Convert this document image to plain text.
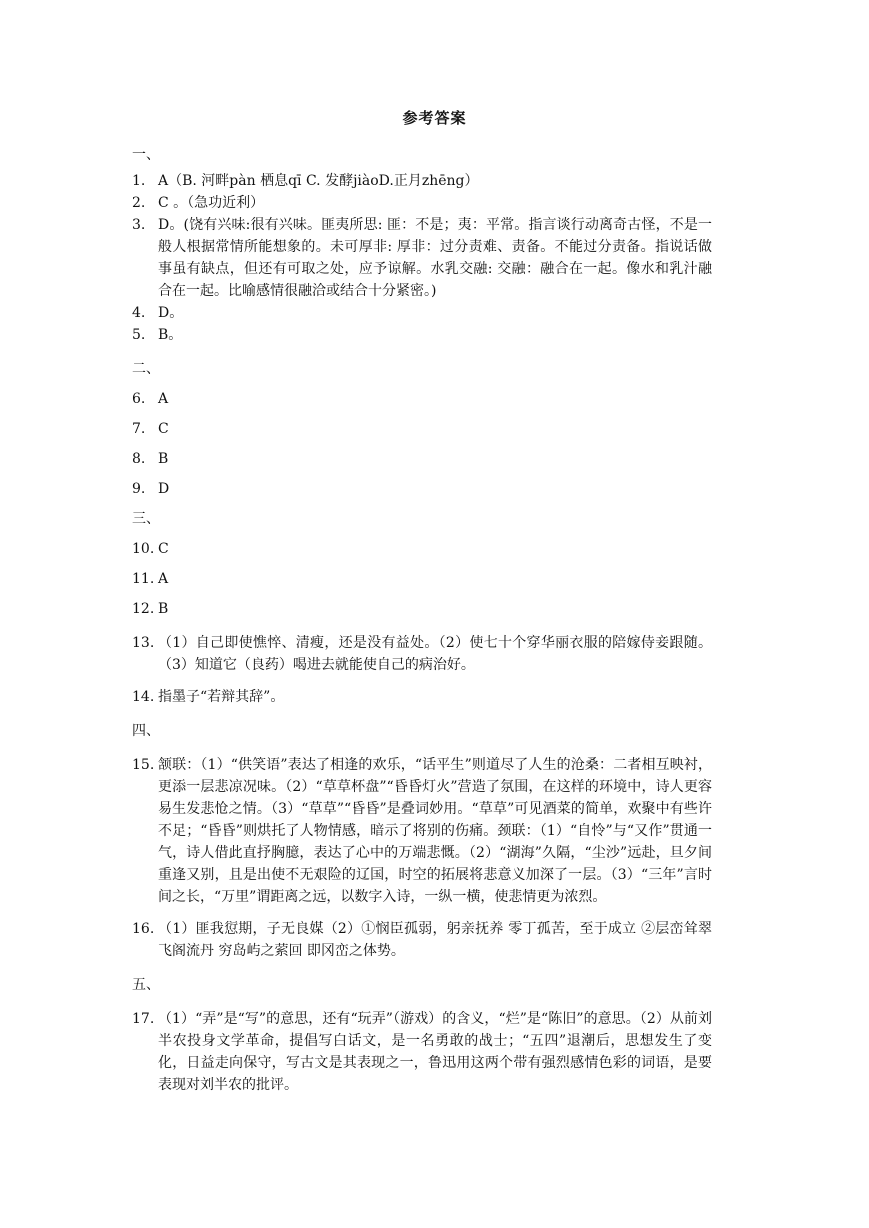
参考答案
一、
1. A（B. 河畔pàn 栖息qī C. 发酵jiàoD.正月zhēng）
2. C 。（急功近利）
3. D。(饶有兴味:很有兴味。匪夷所思: 匪：不是；夷：平常。指言谈行动离奇古怪，不是一般人根据常情所能想象的。未可厚非: 厚非：过分责难、责备。不能过分责备。指说话做事虽有缺点，但还有可取之处，应予谅解。水乳交融: 交融：融合在一起。像水和乳汁融合在一起。比喻感情很融洽或结合十分紧密。)
4. D。
5. B。
二、
6. A
7. C
8. B
9. D
三、
10. C
11. A
12. B
13. （1）自己即使憔悴、清瘦，还是没有益处。（2）使七十个穿华丽衣服的陪嫁侍妾跟随。（3）知道它（良药）喝进去就能使自己的病治好。
14. 指墨子“若辩其辞”。
四、
15. 颔联：（1）“供笑语”表达了相逢的欢乐，“话平生”则道尽了人生的沧桑：二者相互映衬，更添一层悲凉况味。（2）“草草杯盘”“昏昏灯火”营造了氛围，在这样的环境中，诗人更容易生发悲怆之情。（3）“草草”“昏昏”是叠词妙用。“草草”可见酒菜的简单，欢聚中有些许不足；“昏昏”则烘托了人物情感，暗示了将别的伤痛。颈联：（1）“自怜”与“又作”贯通一气，诗人借此直抒胸臆，表达了心中的万端悲慨。（2）“湖海”久隔，“尘沙”远赴，旦夕间重逢又别，且是出使不无艰险的辽国，时空的拓展将悲意义加深了一层。（3）“三年”言时间之长，“万里”谓距离之远，以数字入诗，一纵一横，使悲情更为浓烈。
16. （1）匪我愆期，子无良媒（2）①悯臣孤弱，躬亲抚养 零丁孤苦，至于成立 ②层峦耸翠 飞阁流丹 穷岛屿之萦回 即冈峦之体势。
五、
17. （1）“弄”是“写”的意思，还有“玩弄”（游戏）的含义，“烂”是“陈旧”的意思。（2）从前刘半农投身文学革命，提倡写白话文，是一名勇敢的战士；“五四”退潮后，思想发生了变化，日益走向保守，写古文是其表现之一，鲁迅用这两个带有强烈感情色彩的词语，是要表现对刘半农的批评。
